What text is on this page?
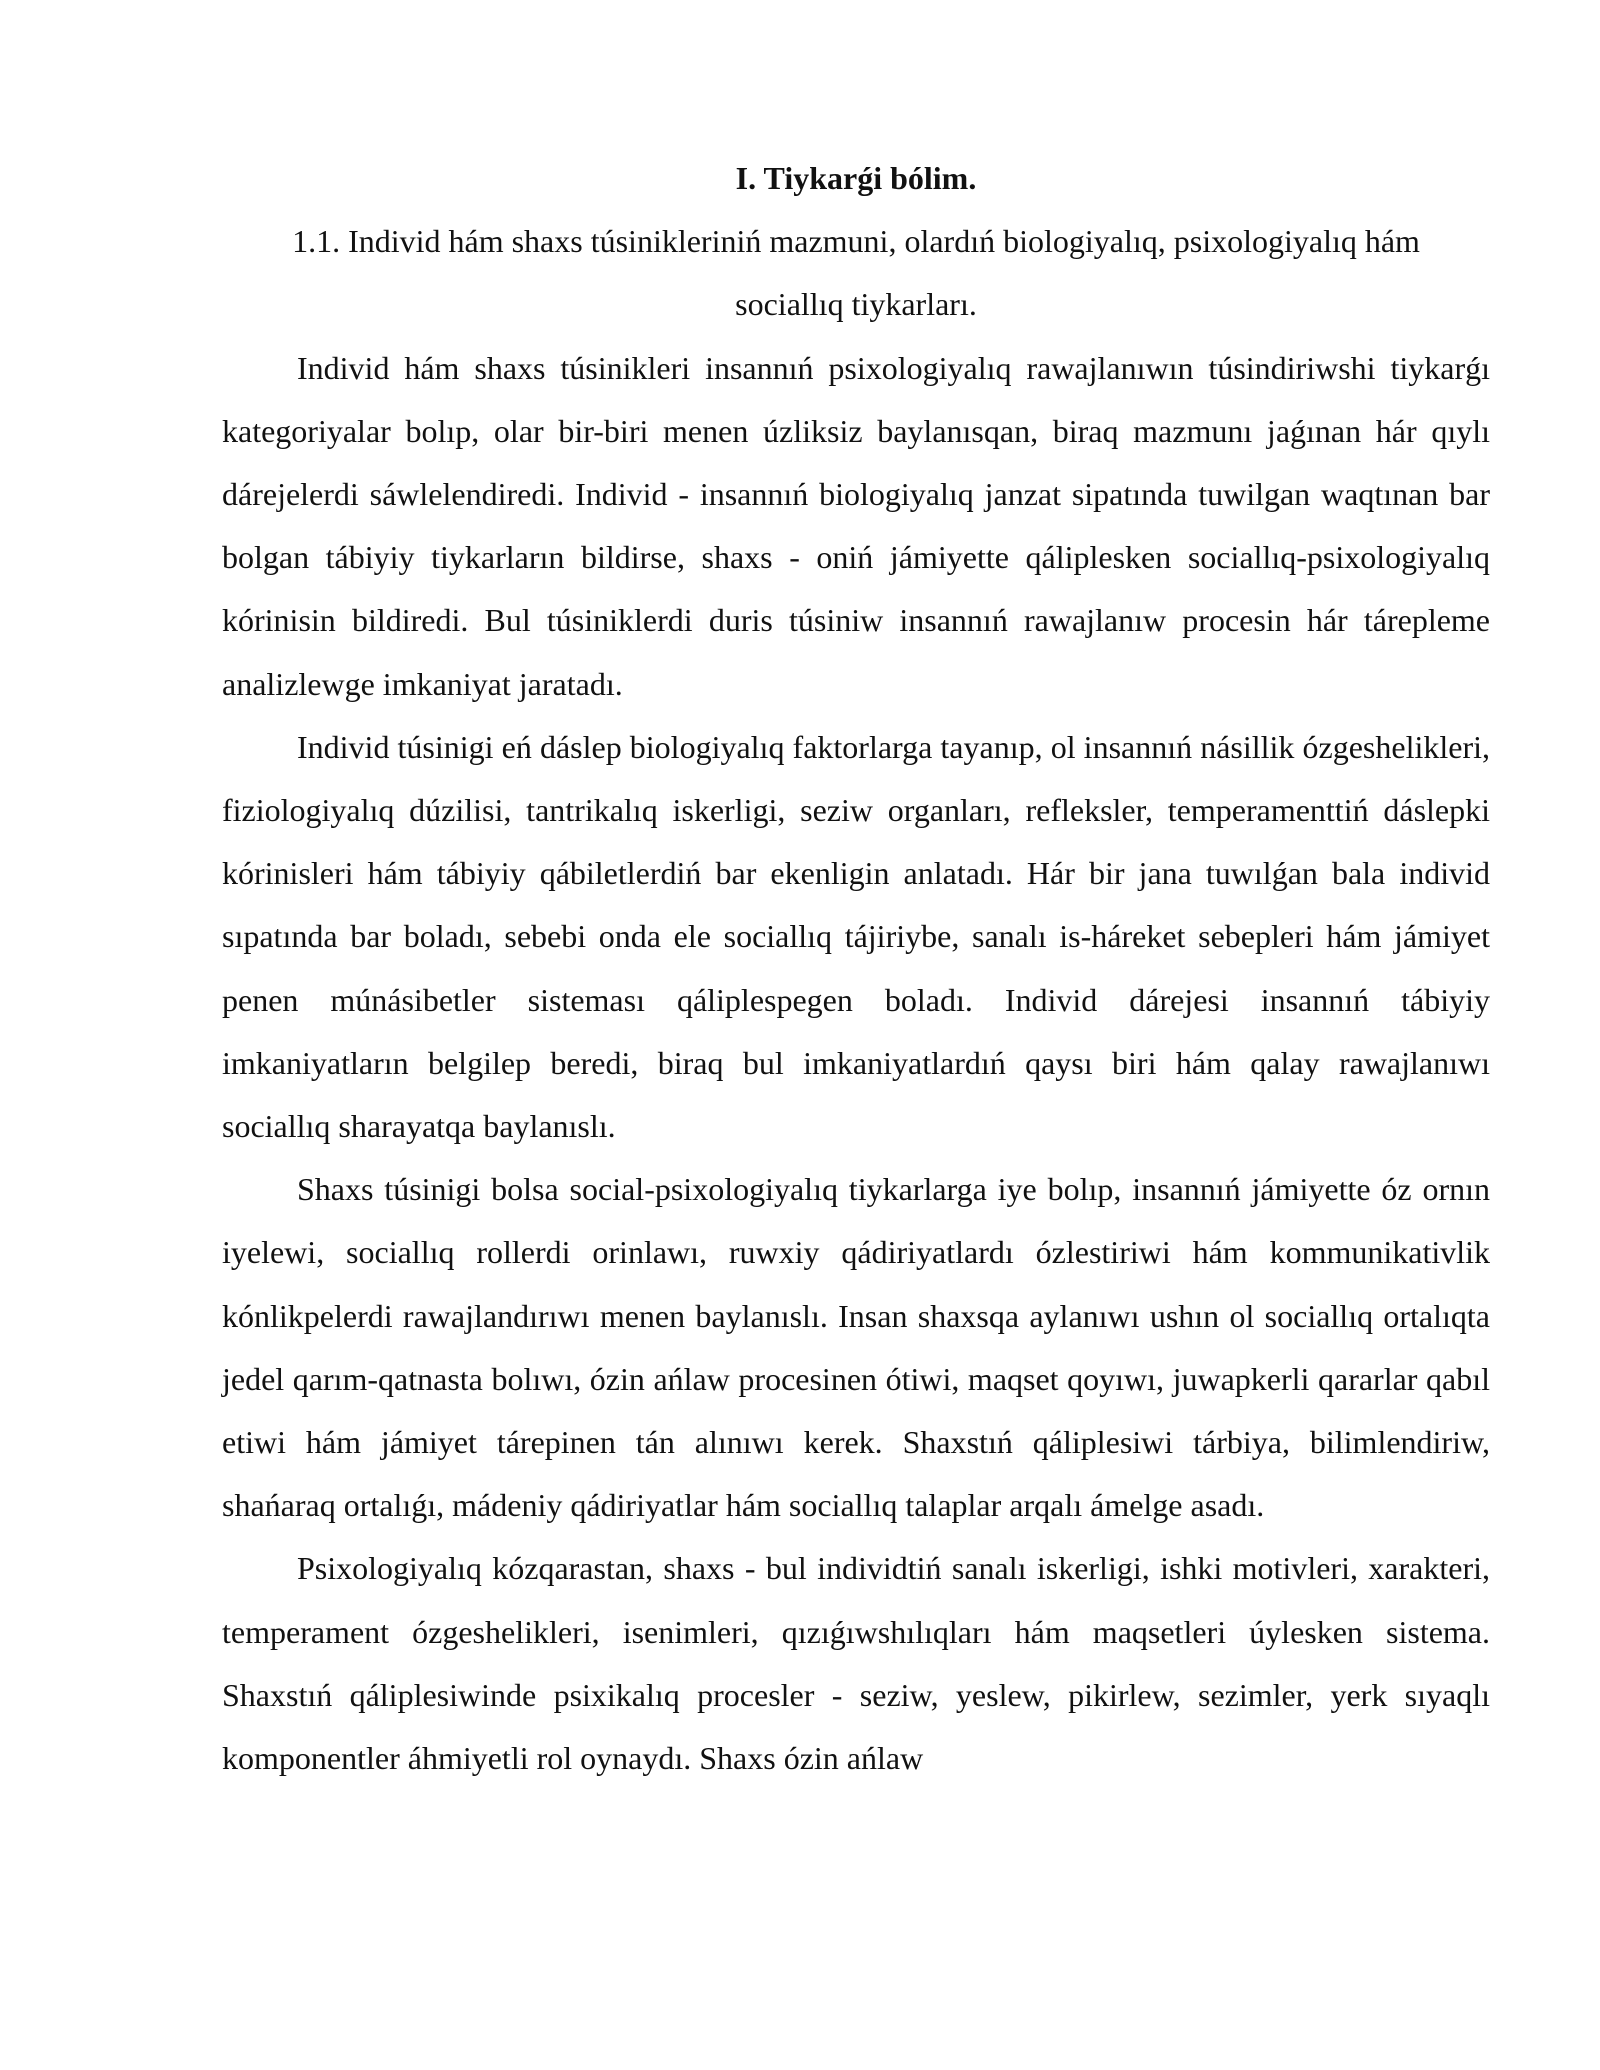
I. Tiykarǵi bólim.

1.1. Individ hám shaxs túsinikleriniń mazmuni, olardıń biologiyalıq, psixologiyalıq hám sociallıq tiykarları.

Individ hám shaxs túsinikleri insannıń psixologiyalıq rawajlanıwın túsindiriwshi tiykarǵı kategoriyalar bolıp, olar bir-biri menen úzliksiz baylanısqan, biraq mazmunı jaǵınan hár qıylı dárejelerdi sáwlelendiredi. Individ - insannıń biologiyalıq janzat sipatında tuwilgan waqtınan bar bolgan tábiyiy tiykarların bildirse, shaxs - oniń jámiyette qáliplesken sociallıq-psixologiyalıq kórinisin bildiredi. Bul túsiniklerdi duris túsiniw insannıń rawajlanıw procesin hár tárepleme analizlewge imkaniyat jaratadı.

Individ túsinigi eń dáslep biologiyalıq faktorlarga tayanıp, ol insannıń násillik ózgeshelikleri, fiziologiyalıq dúzilisi, tantrikalıq iskerligi, seziw organları, refleksler, temperamenttiń dáslepki kórinisleri hám tábiyiy qábiletlerdiń bar ekenligin anlatadı. Hár bir jana tuwılǵan bala individ sıpatında bar boladı, sebebi onda ele sociallıq tájiriybe, sanalı is-háreket sebepleri hám jámiyet penen múnásibetler sisteması qáliplespegen boladı. Individ dárejesi insannıń tábiyiy imkaniyatların belgilep beredi, biraq bul imkaniyatlardıń qaysı biri hám qalay rawajlanıwı sociallıq sharayatqa baylanıslı.

Shaxs túsinigi bolsa social-psixologiyalıq tiykarlarga iye bolıp, insannıń jámiyette óz ornın iyelewi, sociallıq rollerdi orinlawı, ruwxiy qádiriyatlardı ózlestiriwi hám kommunikativlik kónlikpelerdi rawajlandırıwı menen baylanıslı. Insan shaxsqa aylanıwı ushın ol sociallıq ortalıqta jedel qarım-qatnasta bolıwı, ózin ańlaw procesinen ótiwi, maqset qoyıwı, juwapkerli qararlar qabıl etiwi hám jámiyet tárepinen tán alınıwı kerek. Shaxstıń qáliplesiwi tárbiya, bilimlendiriw, shańaraq ortalıǵı, mádeniy qádiriyatlar hám sociallıq talaplar arqalı ámelge asadı.

Psixologiyalıq kózqarastan, shaxs - bul individtiń sanalı iskerligi, ishki motivleri, xarakteri, temperament ózgeshelikleri, isenimleri, qızıǵıwshılıqları hám maqsetleri úylesken sistema. Shaxstıń qáliplesiwinde psixikalıq procesler - seziw, yeslew, pikirlew, sezimler, yerk sıyaqlı komponentler áhmiyetli rol oynaydı. Shaxs ózin ańlaw
